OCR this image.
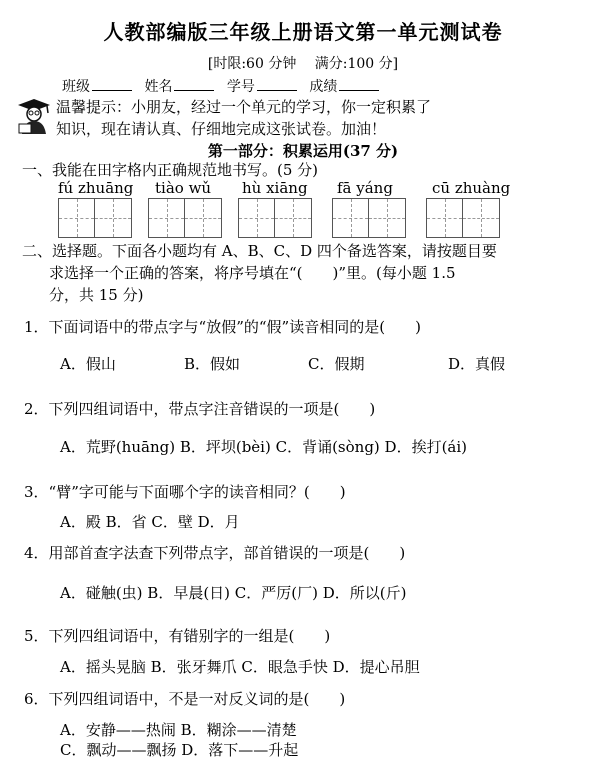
人教部编版三年级上册语文第一单元测试卷
[时限:60 分钟　 满分:100 分]
班级	姓名	学号	成绩
温馨提示：小朋友，经过一个单元的学习，你一定积累了
知识，现在请认真、仔细地完成这张试卷。加油！
第一部分：积累运用(37 分)
一、我能在田字格内正确规范地书写。(5 分)
fú zhuāng tiào wǔ hù xiāng fā yáng	cū zhuàng
二、选择题。下面各小题均有 A、B、C、D 四个备选答案，请按题目要
求选择一个正确的答案，将序号填在“(　　)”里。(每小题 1.5
分，共 15 分)
1．下面词语中的带点字与“放假”的“假”读音相同的是(　　)
A．假山	B．假如	C．假期	D．真假
2．下列四组词语中，带点字注音错误的一项是(　　)
A．荒野(huāng) B．坪坝(bèi) C．背诵(sòng) D．挨打(ái)
3．“臂”字可能与下面哪个字的读音相同？(　　)
A．殿 B．省 C．壁 D．月
4．用部首查字法查下列带点字，部首错误的一项是(　　)
A．碰触(虫) B．早晨(日) C．严厉(厂) D．所以(斤)
5．下列四组词语中，有错别字的一组是(　　)
A．摇头晃脑 B．张牙舞爪 C．眼急手快 D．提心吊胆
6．下列四组词语中，不是一对反义词的是(　　)
A．安静——热闹 B．糊涂——清楚
C．飘动——飘扬 D．落下——升起
